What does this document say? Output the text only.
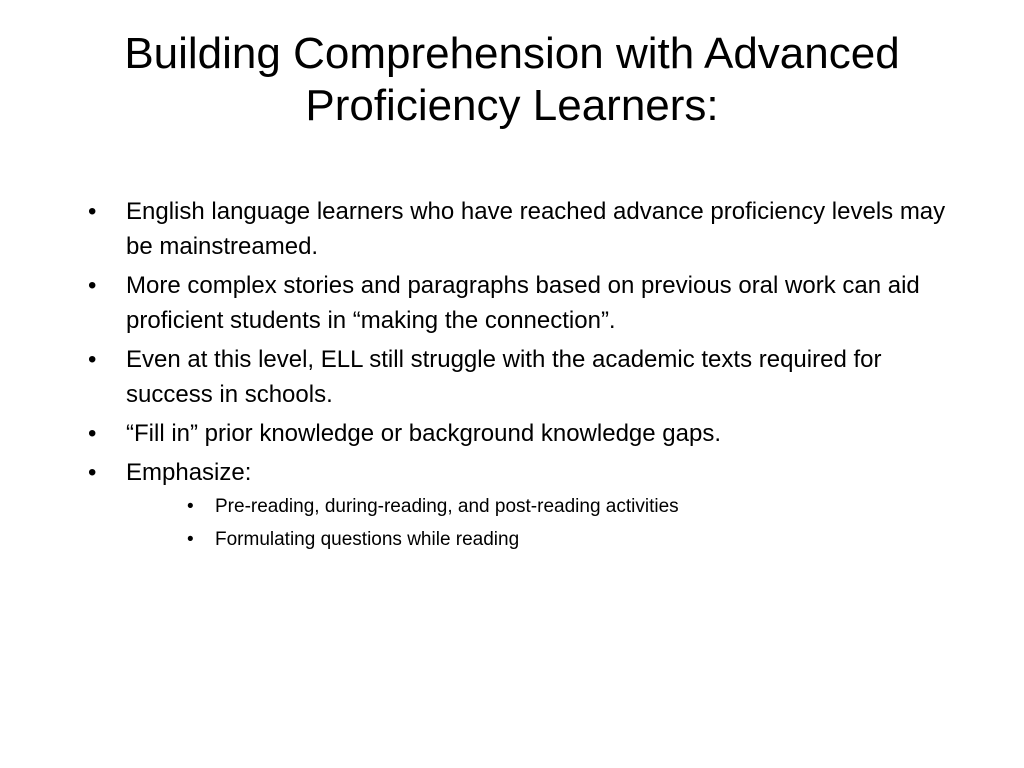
Building Comprehension with Advanced Proficiency Learners:
• English language learners who have reached advance proficiency levels may be mainstreamed.
• More complex stories and paragraphs based on previous oral work can aid proficient students in “making the connection”.
• Even at this level, ELL still struggle with the academic texts required for success in schools.
• “Fill in” prior knowledge or background knowledge gaps.
• Emphasize:
• Pre-reading, during-reading, and post-reading activities
• Formulating questions while reading
